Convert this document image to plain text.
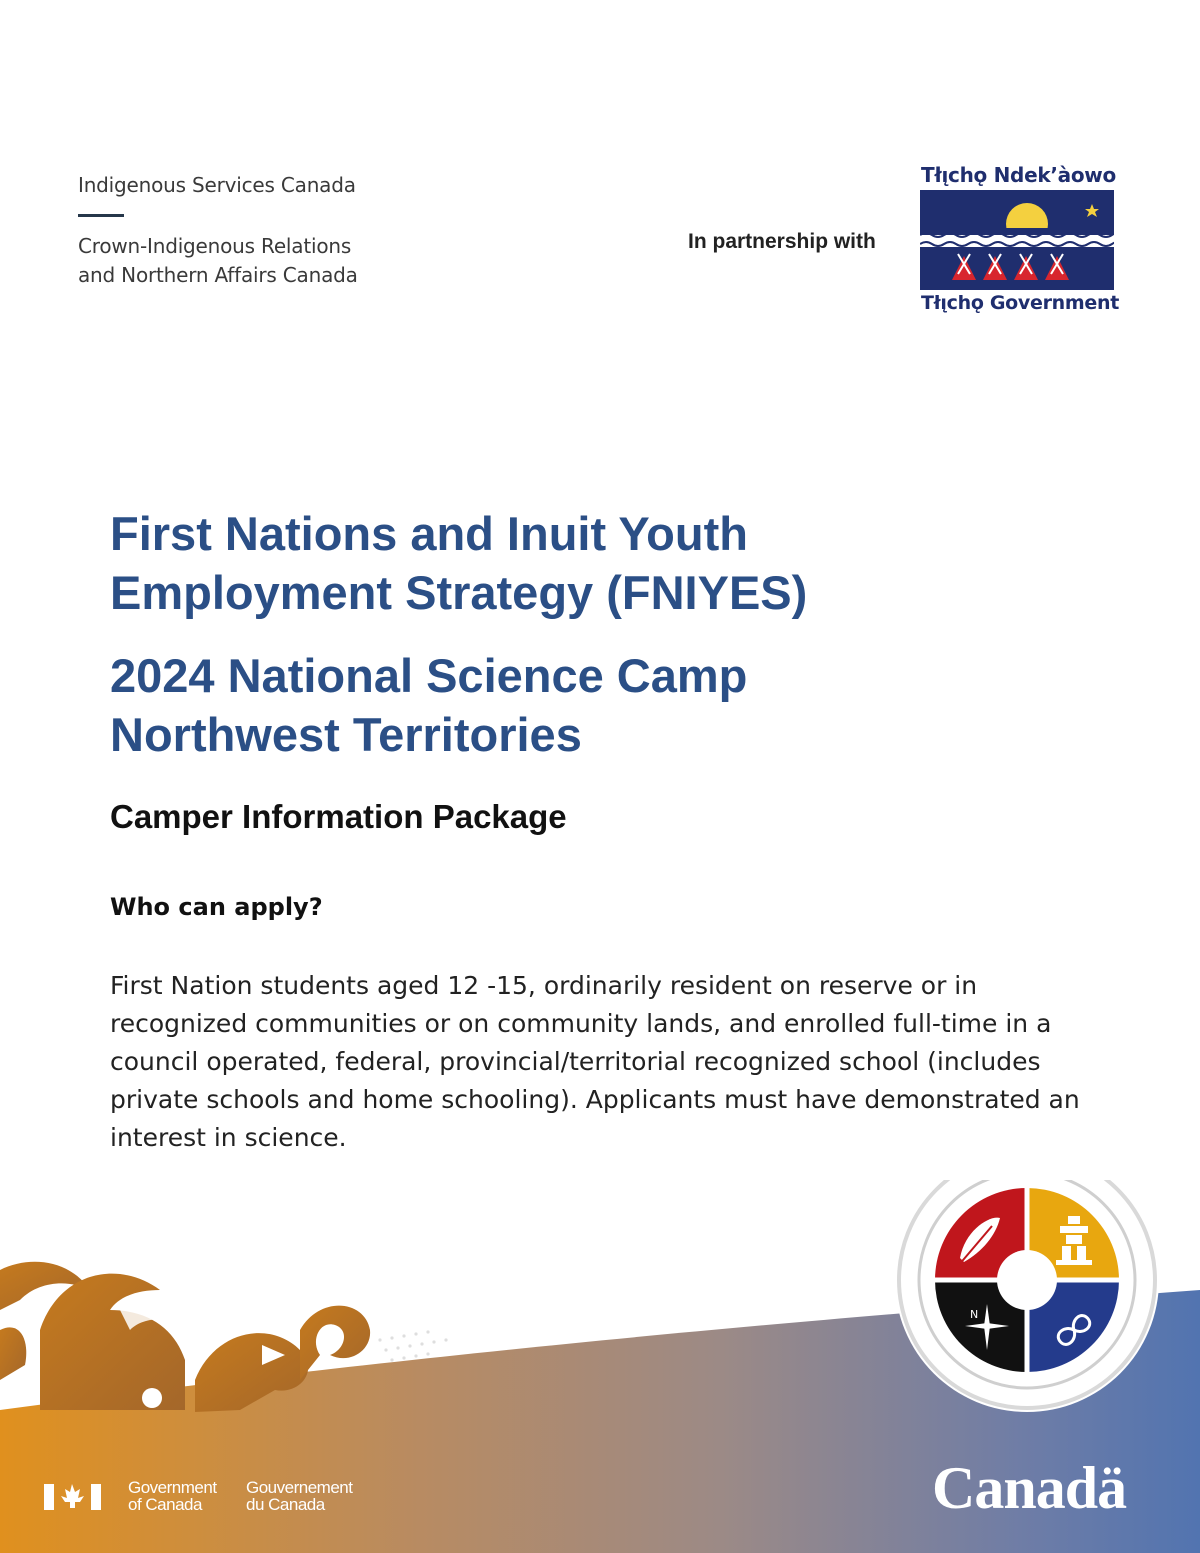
Indigenous Services Canada
Crown-Indigenous Relations
and Northern Affairs Canada
In partnership with
Tłı̨chǫ Ndek’àowo
Tłı̨chǫ Government
First Nations and Inuit Youth
Employment Strategy (FNIYES)
2024 National Science Camp
Northwest Territories
Camper Information Package
Who can apply?
First Nation students aged 12 -15, ordinarily resident on reserve or in
recognized communities or on community lands, and enrolled full-time in a
council operated, federal, provincial/territorial recognized school (includes
private schools and home schooling). Applicants must have demonstrated an
interest in science.
N
Government
of Canada
Gouvernement
du Canada	Canadä
